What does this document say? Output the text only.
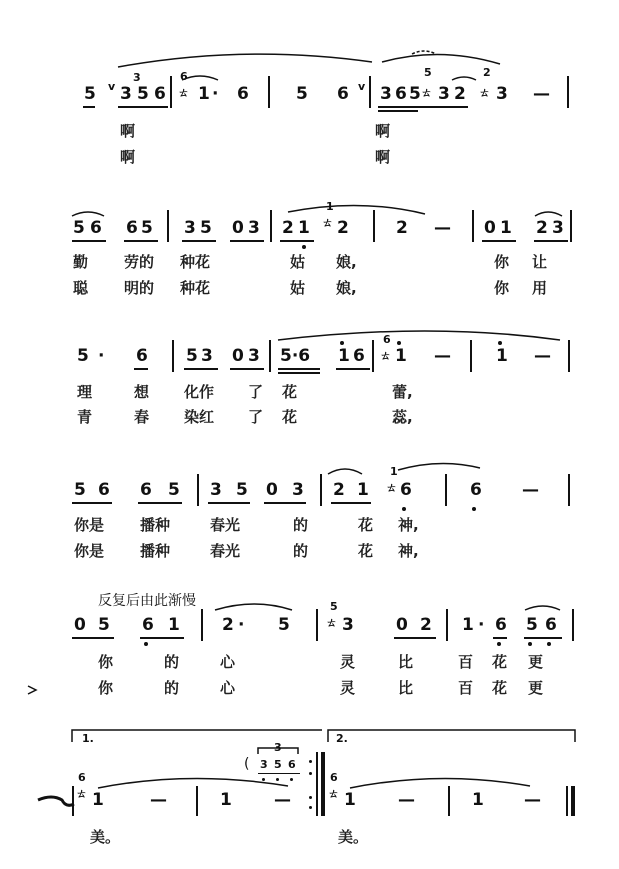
3	6	5	2
v	v
ㄊ	ㄊ	ㄊ
5 3 5 6 1 · 6	5 6 3 6 5 3 2 3 —
啊	啊
啊	啊
1
ㄊ
5 6 6 5 3 5 0 3 2 1 2	2 — 0 1 2 3
勤 劳的 种花	姑 娘,	你 让
聪 明的 种花	姑 娘,	你 用
6
ㄊ
5 · 6 5 3 0 3 5·6 1 6 1 —	1 —
理	想 化作 了 花	蕾,
青	春 染红 了 花	蕊,
1
ㄊ
5 6 6 5 3 5 0 3 2 1 6	6 —
你是 播种	春光	的	花 神,
你是 播种	春光	的	花 神,
反复后由此渐慢	5
ㄊ
0 5 6 1 2 · 5	3 0 2 1 · 6 5 6
你	的	心	灵	比	百 花 更
你	的	心	灵	比	百 花 更
1.	2.
6
ㄊ
6
ㄊ
3
( 3 5 6
1	—	1 —	1 —	1 —
美。	美。
